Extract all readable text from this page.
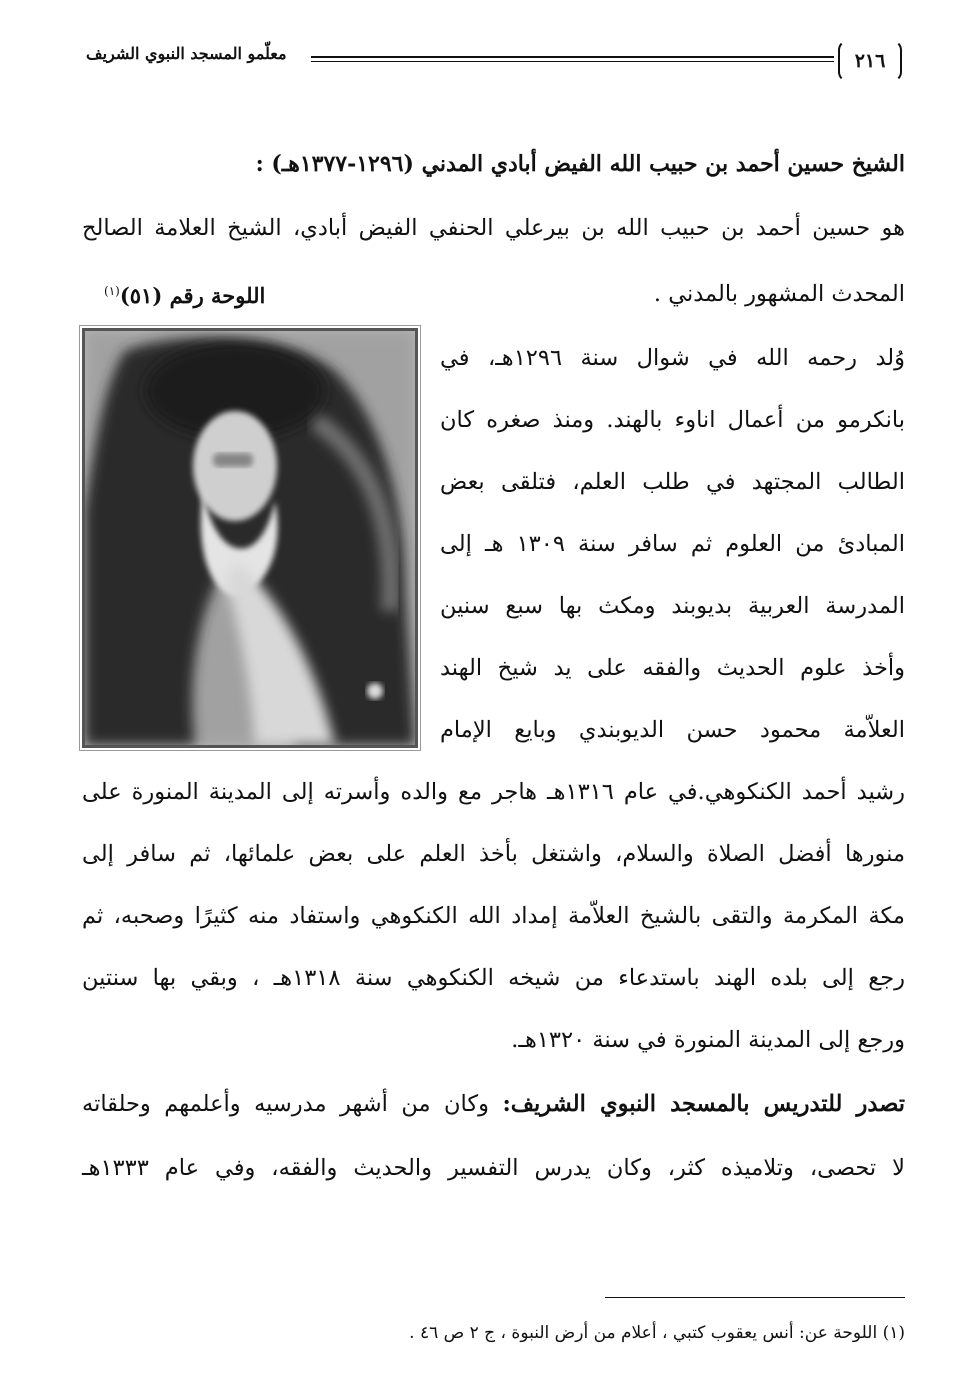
٢١٦
معلّمو المسجد النبوي الشريف
الشيخ حسين أحمد بن حبيب الله الفيض أبادي المدني (١٢٩٦-١٣٧٧هـ) :
هو حسين أحمد بن حبيب الله بن بيرعلي الحنفي الفيض أبادي، الشيخ العلامة الصالح
المحدث المشهور بالمدني .
اللوحة رقم (٥١)$^{(١)}$
وُلد رحمه الله في شوال سنة ١٢٩٦هـ، في
بانكرمو من أعمال اناوء بالهند. ومنذ صغره كان
الطالب المجتهد في طلب العلم، فتلقى بعض
المبادئ من العلوم ثم سافر سنة ١٣٠٩ هـ إلى
المدرسة العربية بديوبند ومكث بها سبع سنين
وأخذ علوم الحديث والفقه على يد شيخ الهند
العلاّمة محمود حسن الديوبندي وبايع الإمام
رشيد أحمد الكنكوهي.في عام ١٣١٦هـ هاجر مع والده وأسرته إلى المدينة المنورة على
منورها أفضل الصلاة والسلام، واشتغل بأخذ العلم على بعض علمائها، ثم سافر إلى
مكة المكرمة والتقى بالشيخ العلاّمة إمداد الله الكنكوهي واستفاد منه كثيرًا وصحبه، ثم
رجع إلى بلده الهند باستدعاء من شيخه الكنكوهي سنة ١٣١٨هـ ، وبقي بها سنتين
ورجع إلى المدينة المنورة في سنة ١٣٢٠هـ.
تصدر للتدريس بالمسجد النبوي الشريف: وكان من أشهر مدرسيه وأعلمهم وحلقاته
لا تحصى، وتلاميذه كثر، وكان يدرس التفسير والحديث والفقه، وفي عام ١٣٣٣هـ
(١) اللوحة عن: أنس يعقوب كتبي ، أعلام من أرض النبوة ، ج ٢ ص ٤٦ .
